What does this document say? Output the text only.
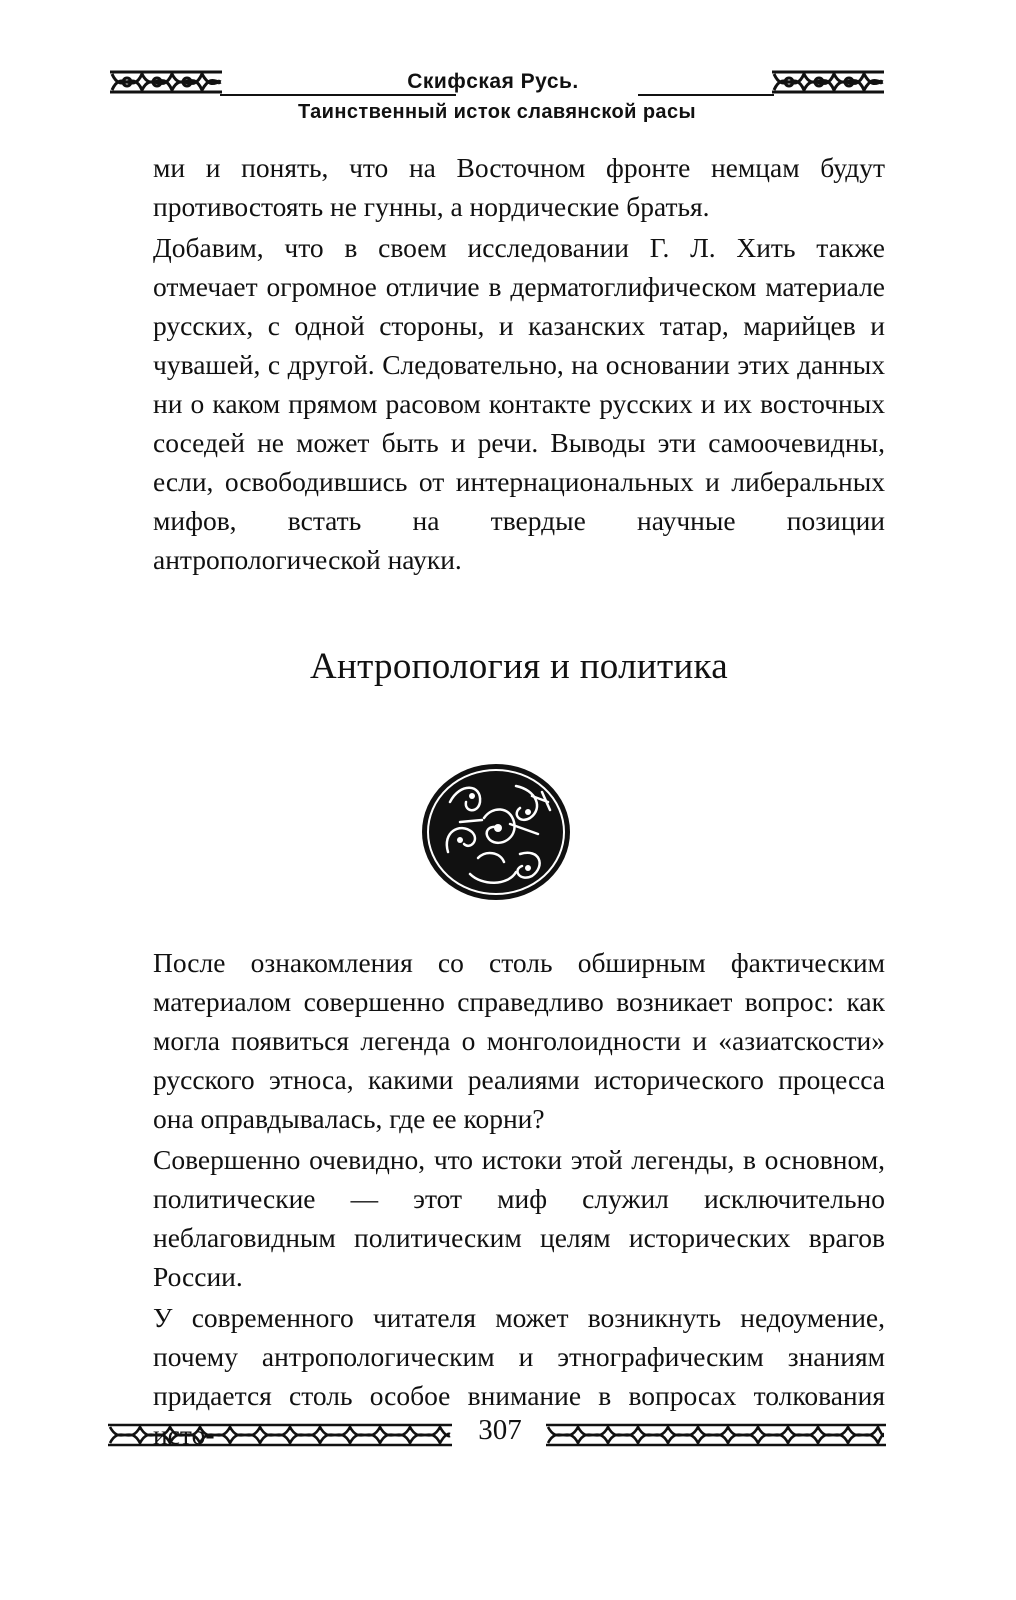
Скифская Русь.
Таинственный исток славянской расы

ми и понять, что на Восточном фронте немцам будут противостоять не гунны, а нордические братья.

Добавим, что в своем исследовании Г. Л. Хить также отмечает огромное отличие в дерматоглифическом материале русских, с одной стороны, и казанских татар, марийцев и чувашей, с другой. Следовательно, на основании этих данных ни о каком прямом расовом контакте русских и их восточных соседей не может быть и речи. Выводы эти самоочевидны, если, освободившись от интернациональных и либеральных мифов, встать на твердые научные позиции антропологической науки.

Антропология и политика

После ознакомления со столь обширным фактическим материалом совершенно справедливо возникает вопрос: как могла появиться легенда о монголоидности и «азиатскости» русского этноса, какими реалиями исторического процесса она оправдывалась, где ее корни?

Совершенно очевидно, что истоки этой легенды, в основном, политические — этот миф служил исключительно неблаговидным политическим целям исторических врагов России.

У современного читателя может возникнуть недоумение, почему антропологическим и этнографическим знаниям придается столь особое внимание в вопросах толкования исто-	307
